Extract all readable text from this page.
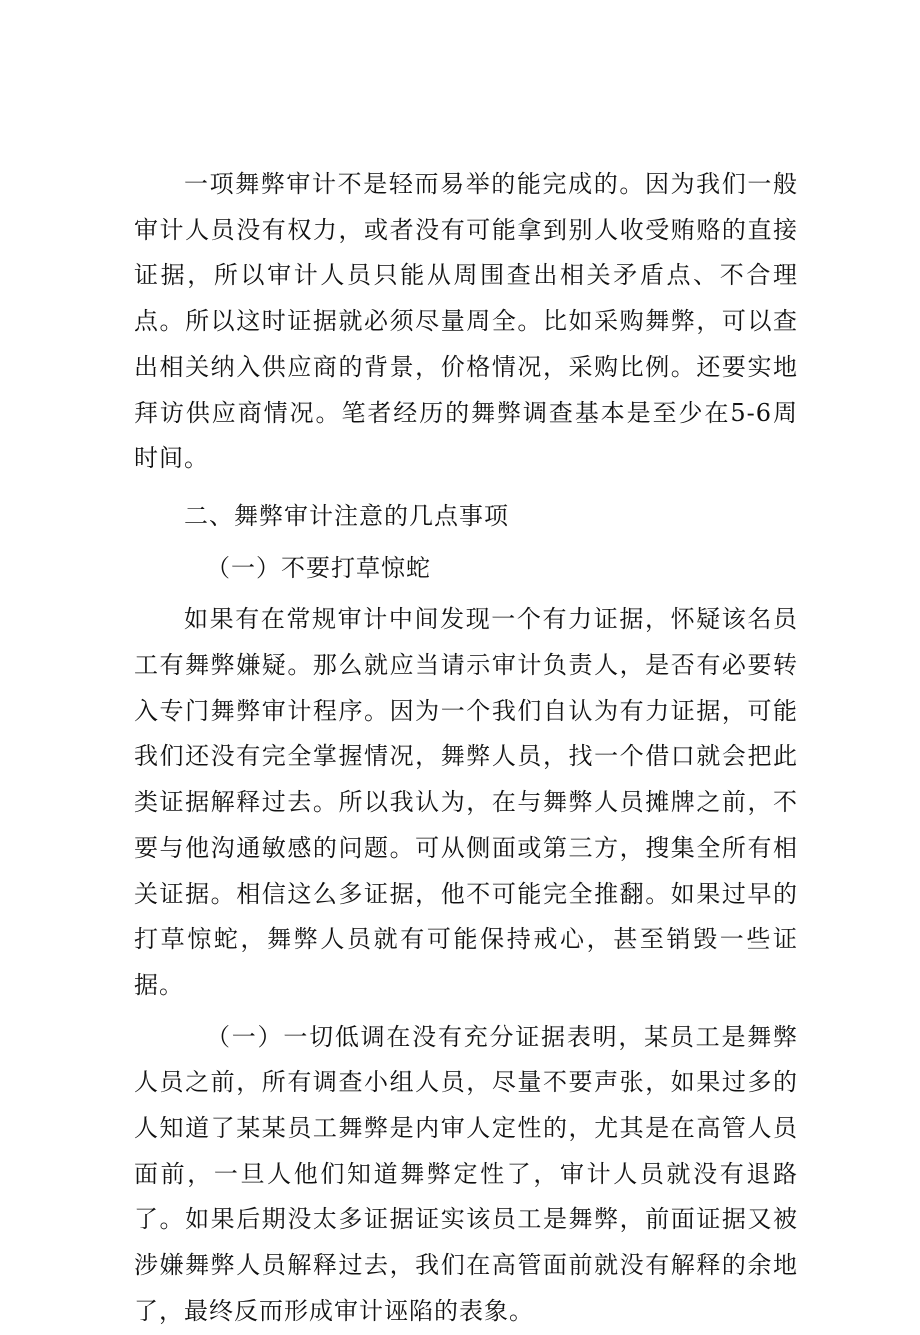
一项舞弊审计不是轻而易举的能完成的。因为我们一般审计人员没有权力，或者没有可能拿到别人收受贿赂的直接证据，所以审计人员只能从周围查出相关矛盾点、不合理点。所以这时证据就必须尽量周全。比如采购舞弊，可以查出相关纳入供应商的背景，价格情况，采购比例。还要实地拜访供应商情况。笔者经历的舞弊调查基本是至少在5-6周时间。

二、舞弊审计注意的几点事项

（一）不要打草惊蛇

如果有在常规审计中间发现一个有力证据，怀疑该名员工有舞弊嫌疑。那么就应当请示审计负责人，是否有必要转入专门舞弊审计程序。因为一个我们自认为有力证据，可能我们还没有完全掌握情况，舞弊人员，找一个借口就会把此类证据解释过去。所以我认为，在与舞弊人员摊牌之前，不要与他沟通敏感的问题。可从侧面或第三方，搜集全所有相关证据。相信这么多证据，他不可能完全推翻。如果过早的打草惊蛇，舞弊人员就有可能保持戒心，甚至销毁一些证据。

（一）一切低调在没有充分证据表明，某员工是舞弊人员之前，所有调查小组人员，尽量不要声张，如果过多的人知道了某某员工舞弊是内审人定性的，尤其是在高管人员面前，一旦人他们知道舞弊定性了，审计人员就没有退路了。如果后期没太多证据证实该员工是舞弊，前面证据又被涉嫌舞弊人员解释过去，我们在高管面前就没有解释的余地了，最终反而形成审计诬陷的表象。
